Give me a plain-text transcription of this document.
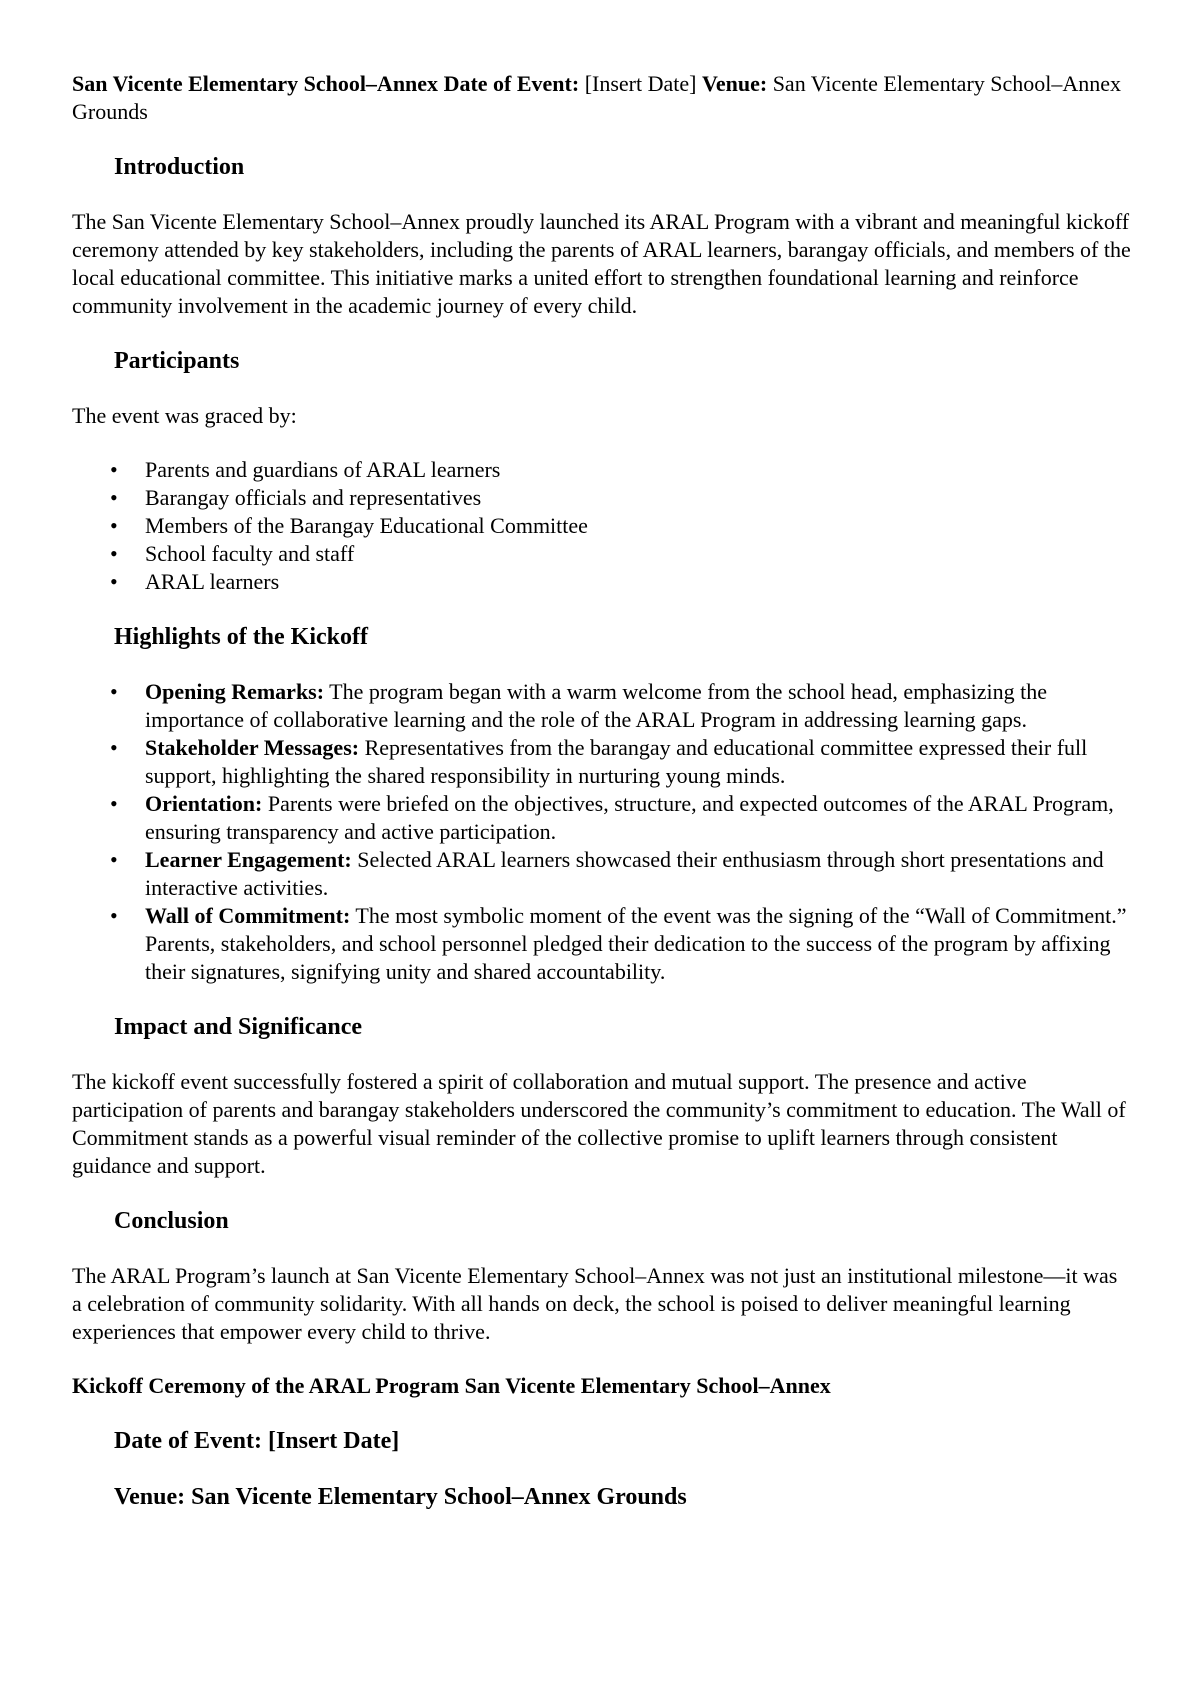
San Vicente Elementary School–Annex Date of Event: [Insert Date] Venue: San Vicente Elementary School–Annex Grounds

Introduction

The San Vicente Elementary School–Annex proudly launched its ARAL Program with a vibrant and meaningful kickoff ceremony attended by key stakeholders, including the parents of ARAL learners, barangay officials, and members of the local educational committee. This initiative marks a united effort to strengthen foundational learning and reinforce community involvement in the academic journey of every child.

Participants

The event was graced by:

• Parents and guardians of ARAL learners
• Barangay officials and representatives
• Members of the Barangay Educational Committee
• School faculty and staff
• ARAL learners
Highlights of the Kickoff
• Opening Remarks: The program began with a warm welcome from the school head, emphasizing the importance of collaborative learning and the role of the ARAL Program in addressing learning gaps.
• Stakeholder Messages: Representatives from the barangay and educational committee expressed their full support, highlighting the shared responsibility in nurturing young minds.
• Orientation: Parents were briefed on the objectives, structure, and expected outcomes of the ARAL Program, ensuring transparency and active participation.
• Learner Engagement: Selected ARAL learners showcased their enthusiasm through short presentations and interactive activities.
• Wall of Commitment: The most symbolic moment of the event was the signing of the “Wall of Commitment.” Parents, stakeholders, and school personnel pledged their dedication to the success of the program by affixing their signatures, signifying unity and shared accountability.
Impact and Significance

The kickoff event successfully fostered a spirit of collaboration and mutual support. The presence and active participation of parents and barangay stakeholders underscored the community’s commitment to education. The Wall of Commitment stands as a powerful visual reminder of the collective promise to uplift learners through consistent guidance and support.

Conclusion

The ARAL Program’s launch at San Vicente Elementary School–Annex was not just an institutional milestone—it was a celebration of community solidarity. With all hands on deck, the school is poised to deliver meaningful learning experiences that empower every child to thrive.

Kickoff Ceremony of the ARAL Program San Vicente Elementary School–Annex

Date of Event: [Insert Date]

Venue: San Vicente Elementary School–Annex Grounds
